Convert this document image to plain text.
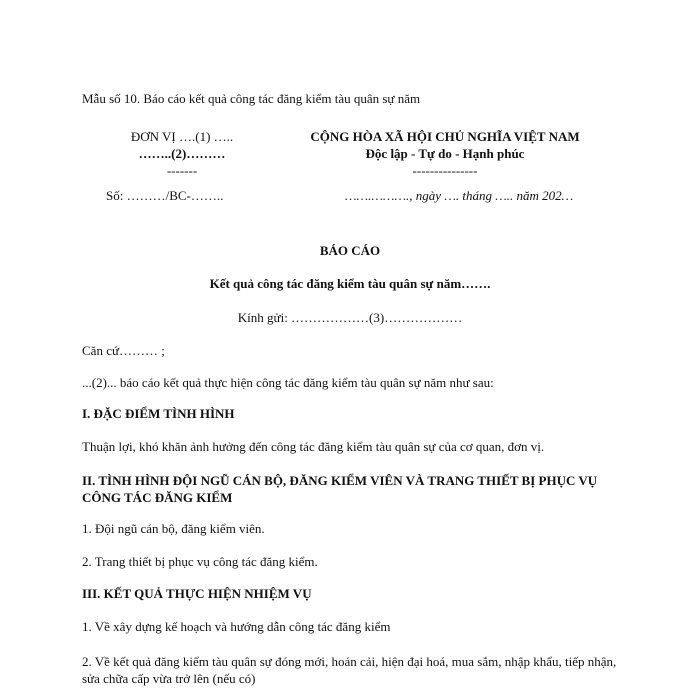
Mẫu số 10. Báo cáo kết quả công tác đăng kiểm tàu quân sự năm
ĐƠN VỊ ….(1) …..
……..(2)………
-------
CỘNG HÒA XÃ HỘI CHỦ NGHĨA VIỆT NAM
Độc lập - Tự do - Hạnh phúc
---------------
Số: ………/BC-……..	…….………., ngày …. tháng ….. năm 202…
BÁO CÁO
Kết quả công tác đăng kiểm tàu quân sự năm…….
Kính gửi: ………………(3)………………
Căn cứ……… ;
...(2)... báo cáo kết quả thực hiện công tác đăng kiểm tàu quân sự năm như sau:
I. ĐẶC ĐIỂM TÌNH HÌNH
Thuận lợi, khó khăn ảnh hưởng đến công tác đăng kiểm tàu quân sự của cơ quan, đơn vị.
II. TÌNH HÌNH ĐỘI NGŨ CÁN BỘ, ĐĂNG KIỂM VIÊN VÀ TRANG THIẾT BỊ PHỤC VỤ CÔNG TÁC ĐĂNG KIỂM
1. Đội ngũ cán bộ, đăng kiểm viên.
2. Trang thiết bị phục vụ công tác đăng kiểm.
III. KẾT QUẢ THỰC HIỆN NHIỆM VỤ
1. Về xây dựng kế hoạch và hướng dẫn công tác đăng kiểm
2. Về kết quả đăng kiểm tàu quân sự đóng mới, hoán cải, hiện đại hoá, mua sắm, nhập khẩu, tiếp nhận, sửa chữa cấp vừa trở lên (nếu có)
